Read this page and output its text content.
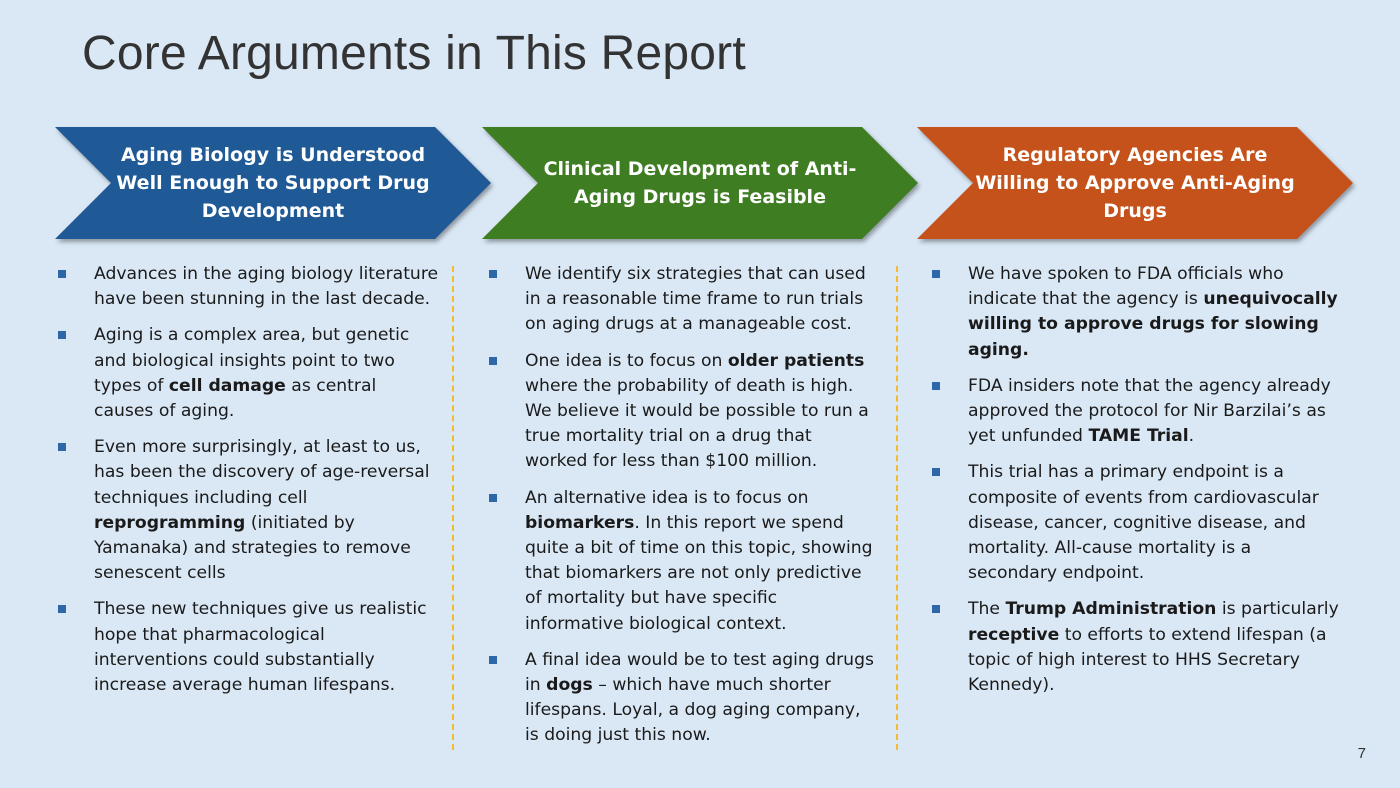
Core Arguments in This Report
Aging Biology is Understood
Well Enough to Support Drug
Development
Clinical Development of Anti-
Aging Drugs is Feasible
Regulatory Agencies Are
Willing to Approve Anti-Aging
Drugs
Advances in the aging biology literature have been stunning in the last decade.
Aging is a complex area, but genetic and biological insights point to two types of cell damage as central causes of aging.
Even more surprisingly, at least to us, has been the discovery of age-reversal techniques including cell reprogramming (initiated by Yamanaka) and strategies to remove senescent cells
These new techniques give us realistic hope that pharmacological interventions could substantially increase average human lifespans.
We identify six strategies that can used in a reasonable time frame to run trials on aging drugs at a manageable cost.
One idea is to focus on older patients where the probability of death is high. We believe it would be possible to run a true mortality trial on a drug that worked for less than $100 million.
An alternative idea is to focus on biomarkers. In this report we spend quite a bit of time on this topic, showing that biomarkers are not only predictive of mortality but have specific informative biological context.
A final idea would be to test aging drugs in dogs – which have much shorter lifespans. Loyal, a dog aging company, is doing just this now.
We have spoken to FDA officials who indicate that the agency is unequivocally willing to approve drugs for slowing aging.
FDA insiders note that the agency already approved the protocol for Nir Barzilai’s as yet unfunded TAME Trial.
This trial has a primary endpoint is a composite of events from cardiovascular disease, cancer, cognitive disease, and mortality. All-cause mortality is a secondary endpoint.
The Trump Administration is particularly receptive to efforts to extend lifespan (a topic of high interest to HHS Secretary Kennedy).
7
